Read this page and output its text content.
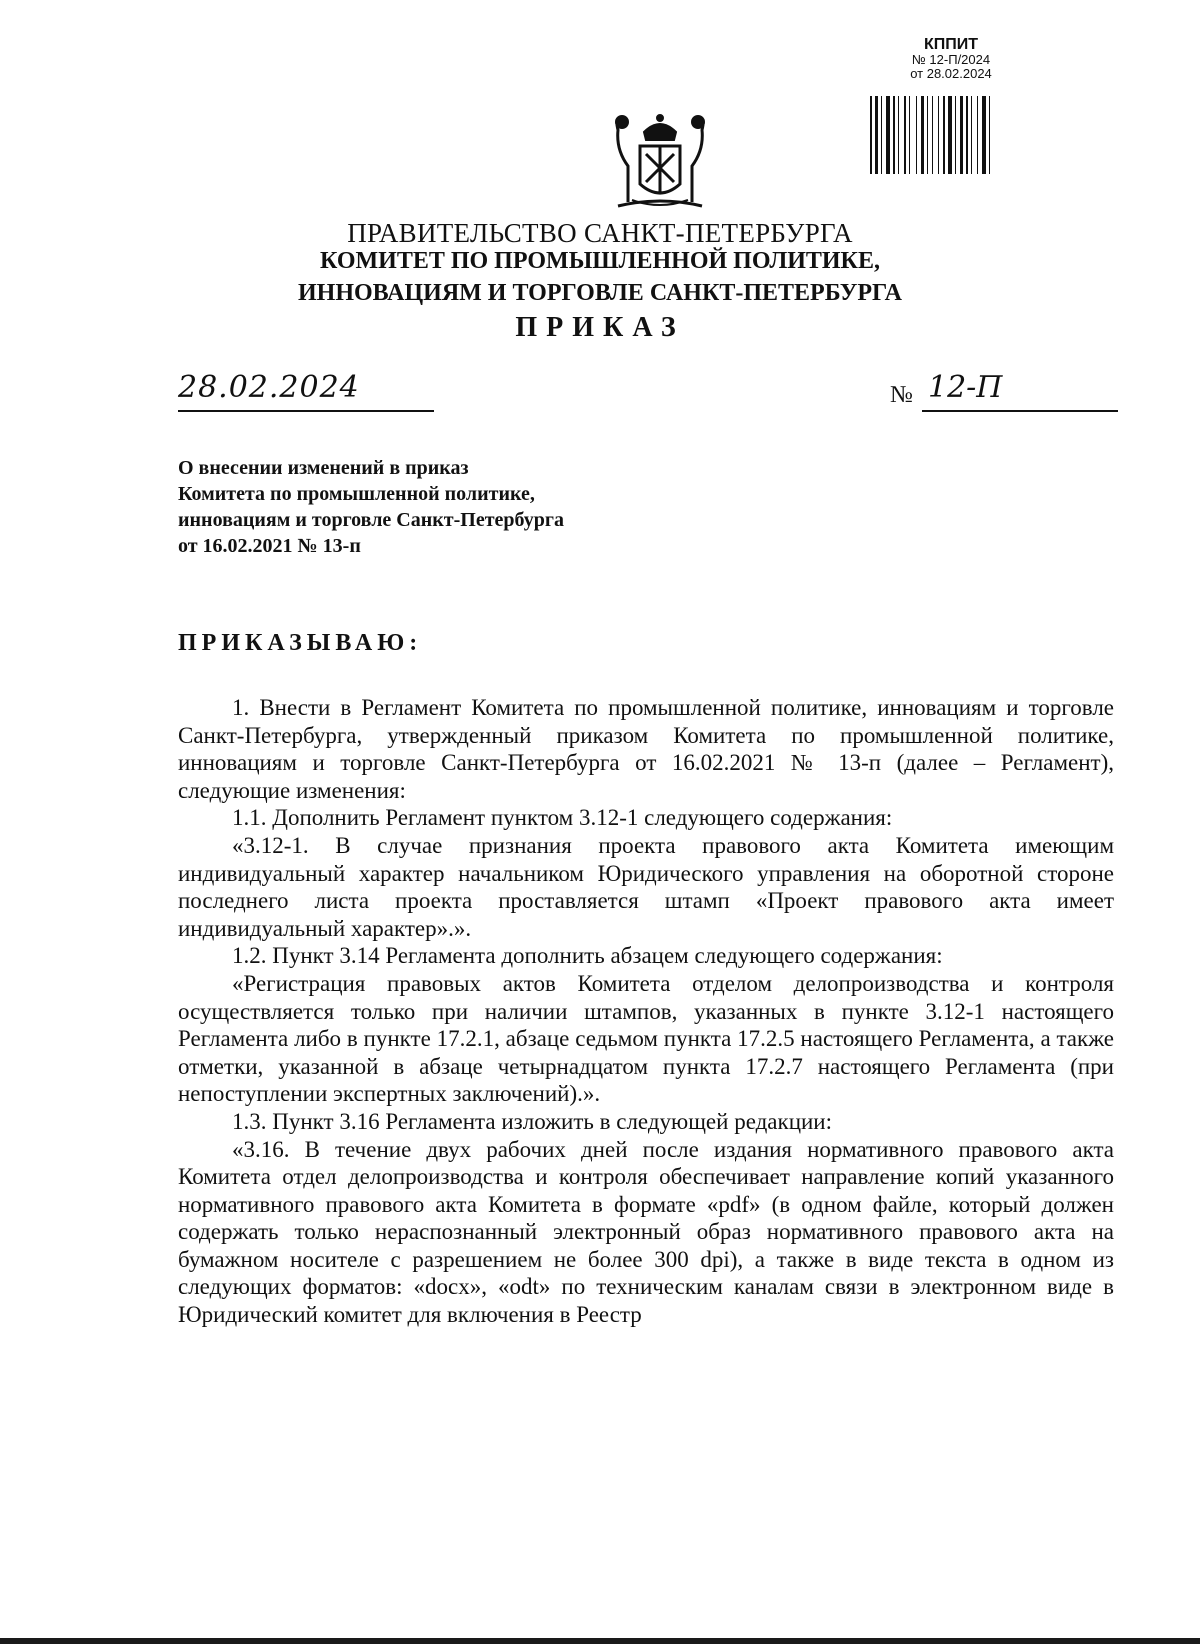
КППИТ
№ 12-П/2024
от 28.02.2024
ПРАВИТЕЛЬСТВО САНКТ-ПЕТЕРБУРГА
КОМИТЕТ ПО ПРОМЫШЛЕННОЙ ПОЛИТИКЕ,
ИННОВАЦИЯМ И ТОРГОВЛЕ САНКТ-ПЕТЕРБУРГА
ПРИКАЗ
28.02.2024	№ 12-П
О внесении изменений в приказ
Комитета по промышленной политике,
инновациям и торговле Санкт-Петербурга
от 16.02.2021 № 13-п
ПРИКАЗЫВАЮ:

1. Внести в Регламент Комитета по промышленной политике, инновациям и торговле Санкт-Петербурга, утвержденный приказом Комитета по промышленной политике, инновациям и торговле Санкт-Петербурга от 16.02.2021 № 13-п (далее – Регламент), следующие изменения:

1.1. Дополнить Регламент пунктом 3.12-1 следующего содержания:

«3.12-1. В случае признания проекта правового акта Комитета имеющим индивидуальный характер начальником Юридического управления на оборотной стороне последнего листа проекта проставляется штамп «Проект правового акта имеет индивидуальный характер».».

1.2. Пункт 3.14 Регламента дополнить абзацем следующего содержания:

«Регистрация правовых актов Комитета отделом делопроизводства и контроля осуществляется только при наличии штампов, указанных в пункте 3.12-1 настоящего Регламента либо в пункте 17.2.1, абзаце седьмом пункта 17.2.5 настоящего Регламента, а также отметки, указанной в абзаце четырнадцатом пункта 17.2.7 настоящего Регламента (при непоступлении экспертных заключений).».

1.3. Пункт 3.16 Регламента изложить в следующей редакции:

«3.16. В течение двух рабочих дней после издания нормативного правового акта Комитета отдел делопроизводства и контроля обеспечивает направление копий указанного нормативного правового акта Комитета в формате «pdf» (в одном файле, который должен содержать только нераспознанный электронный образ нормативного правового акта на бумажном носителе с разрешением не более 300 dpi), а также в виде текста в одном из следующих форматов: «docx», «odt» по техническим каналам связи в электронном виде в Юридический комитет для включения в Реестр
